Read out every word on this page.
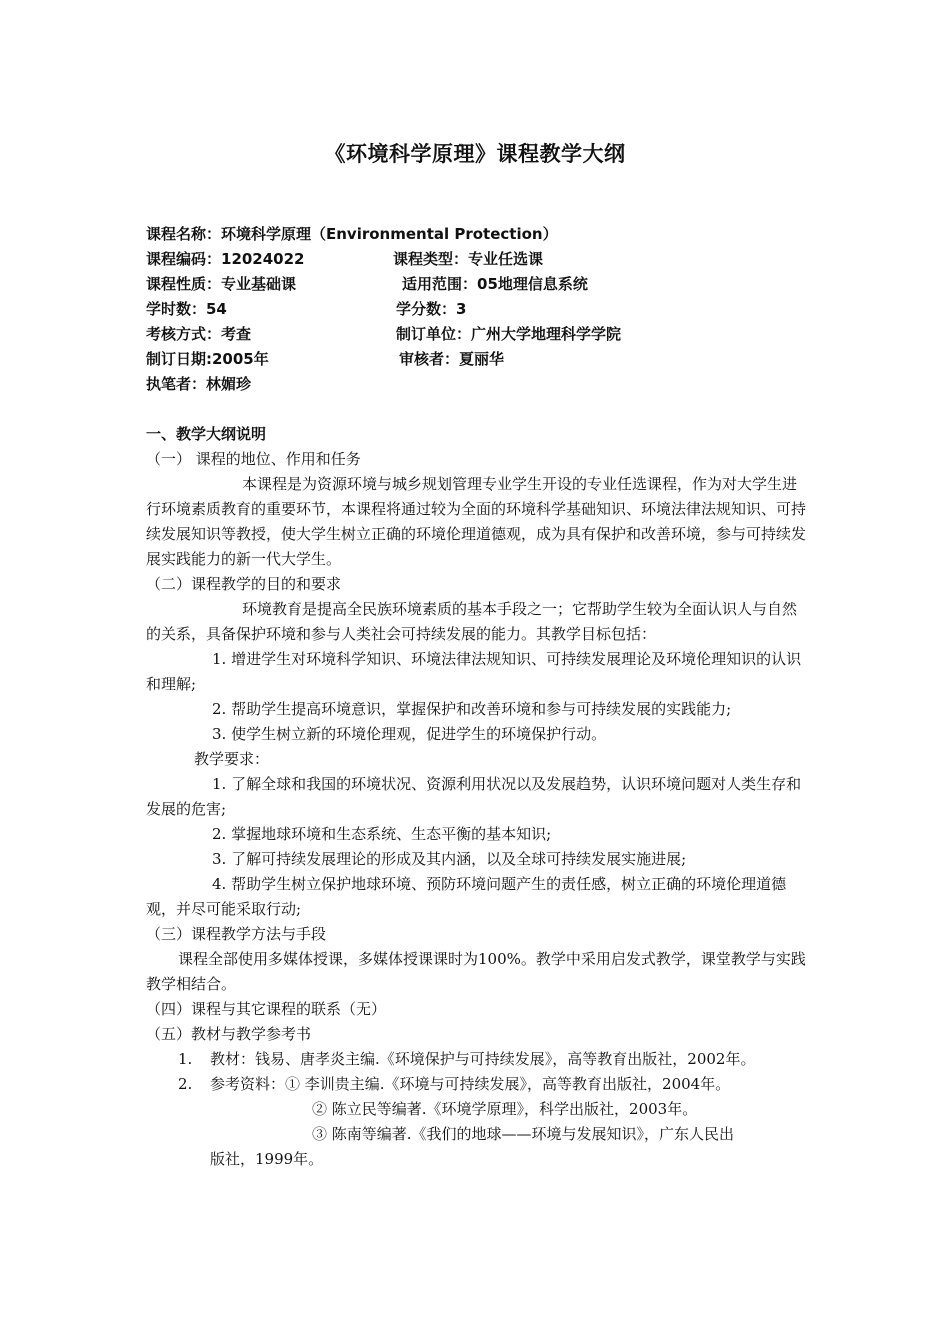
《环境科学原理》课程教学大纲
课程名称：环境科学原理（Environmental Protection）
课程编码：12024022	课程类型：专业任选课
课程性质：专业基础课	适用范围：05地理信息系统
学时数：54	学分数：3
考核方式：考查	制订单位：广州大学地理科学学院
制订日期:2005年	审核者：夏丽华
执笔者：林媚珍

一、教学大纲说明

（一） 课程的地位、作用和任务

本课程是为资源环境与城乡规划管理专业学生开设的专业任选课程，作为对大学生进行环境素质教育的重要环节，本课程将通过较为全面的环境科学基础知识、环境法律法规知识、可持续发展知识等教授，使大学生树立正确的环境伦理道德观，成为具有保护和改善环境，参与可持续发展实践能力的新一代大学生。

（二）课程教学的目的和要求

环境教育是提高全民族环境素质的基本手段之一；它帮助学生较为全面认识人与自然的关系，具备保护环境和参与人类社会可持续发展的能力。其教学目标包括：

1. 增进学生对环境科学知识、环境法律法规知识、可持续发展理论及环境伦理知识的认识 和理解;

2. 帮助学生提高环境意识，掌握保护和改善环境和参与可持续发展的实践能力;

3. 使学生树立新的环境伦理观，促进学生的环境保护行动。

教学要求：

1. 了解全球和我国的环境状况、资源利用状况以及发展趋势，认识环境问题对人类生存和发展的危害;

2. 掌握地球环境和生态系统、生态平衡的基本知识;

3. 了解可持续发展理论的形成及其内涵，以及全球可持续发展实施进展;

4. 帮助学生树立保护地球环境、预防环境问题产生的责任感，树立正确的环境伦理道德观，并尽可能采取行动;

（三）课程教学方法与手段

课程全部使用多媒体授课，多媒体授课课时为100%。教学中采用启发式教学，课堂教学与实践教学相结合。

（四）课程与其它课程的联系（无）

（五）教材与教学参考书

1. 教材：钱易、唐孝炎主编.《环境保护与可持续发展》，高等教育出版社，2002年。

2. 参考资料：① 李训贵主编.《环境与可持续发展》，高等教育出版社，2004年。

② 陈立民等编著.《环境学原理》，科学出版社，2003年。

③ 陈南等编著.《我们的地球——环境与发展知识》，广东人民出

版社，1999年。
